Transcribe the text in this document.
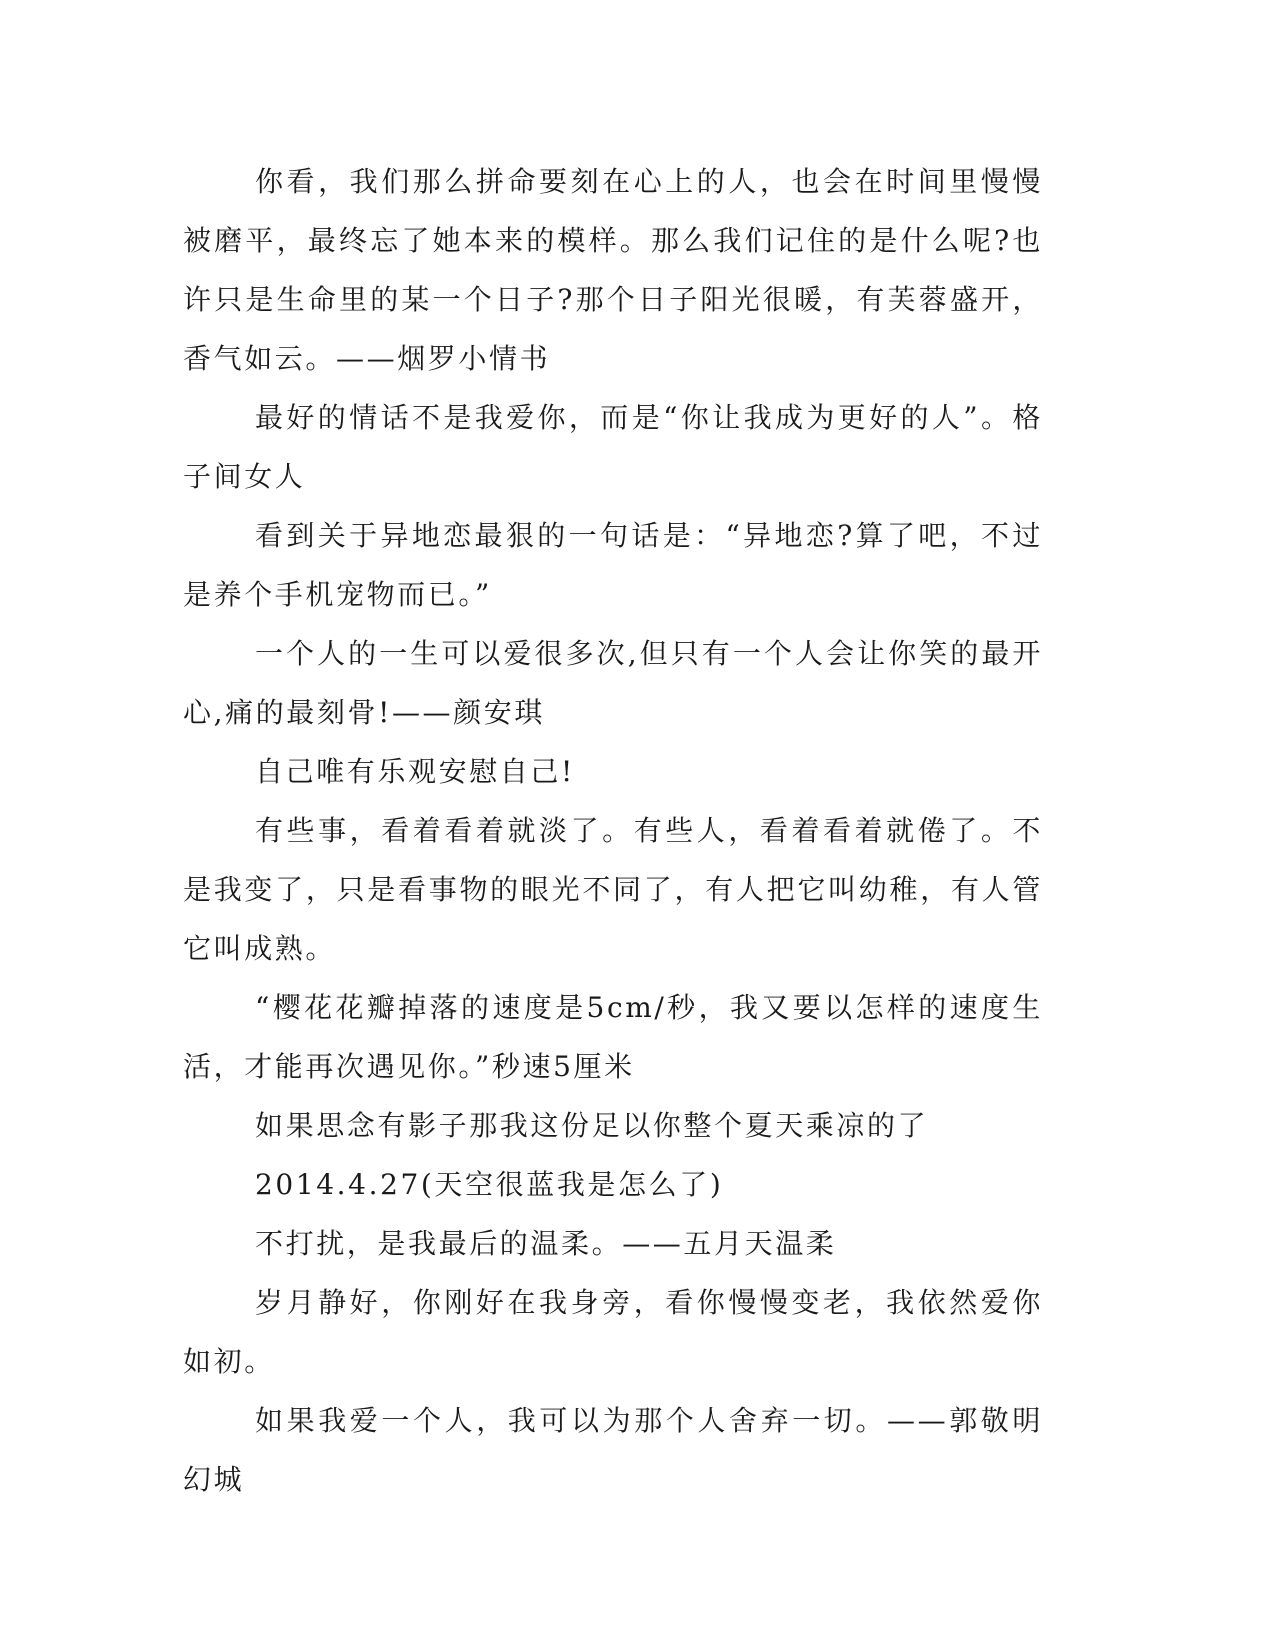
你看，我们那么拼命要刻在心上的人，也会在时间里慢慢被磨平，最终忘了她本来的模样。那么我们记住的是什么呢?也许只是生命里的某一个日子?那个日子阳光很暖，有芙蓉盛开，香气如云。——烟罗小情书

最好的情话不是我爱你，而是“你让我成为更好的人”。格子间女人

看到关于异地恋最狠的一句话是：“异地恋?算了吧，不过是养个手机宠物而已。”

一个人的一生可以爱很多次,但只有一个人会让你笑的最开心,痛的最刻骨!——颜安琪

自己唯有乐观安慰自己!

有些事，看着看着就淡了。有些人，看着看着就倦了。不是我变了，只是看事物的眼光不同了，有人把它叫幼稚，有人管它叫成熟。

“樱花花瓣掉落的速度是5cm/秒，我又要以怎样的速度生活，才能再次遇见你。”秒速5厘米

如果思念有影子那我这份足以你整个夏天乘凉的了

2014.4.27(天空很蓝我是怎么了)

不打扰，是我最后的温柔。——五月天温柔

岁月静好，你刚好在我身旁，看你慢慢变老，我依然爱你如初。

如果我爱一个人，我可以为那个人舍弃一切。——郭敬明幻城
